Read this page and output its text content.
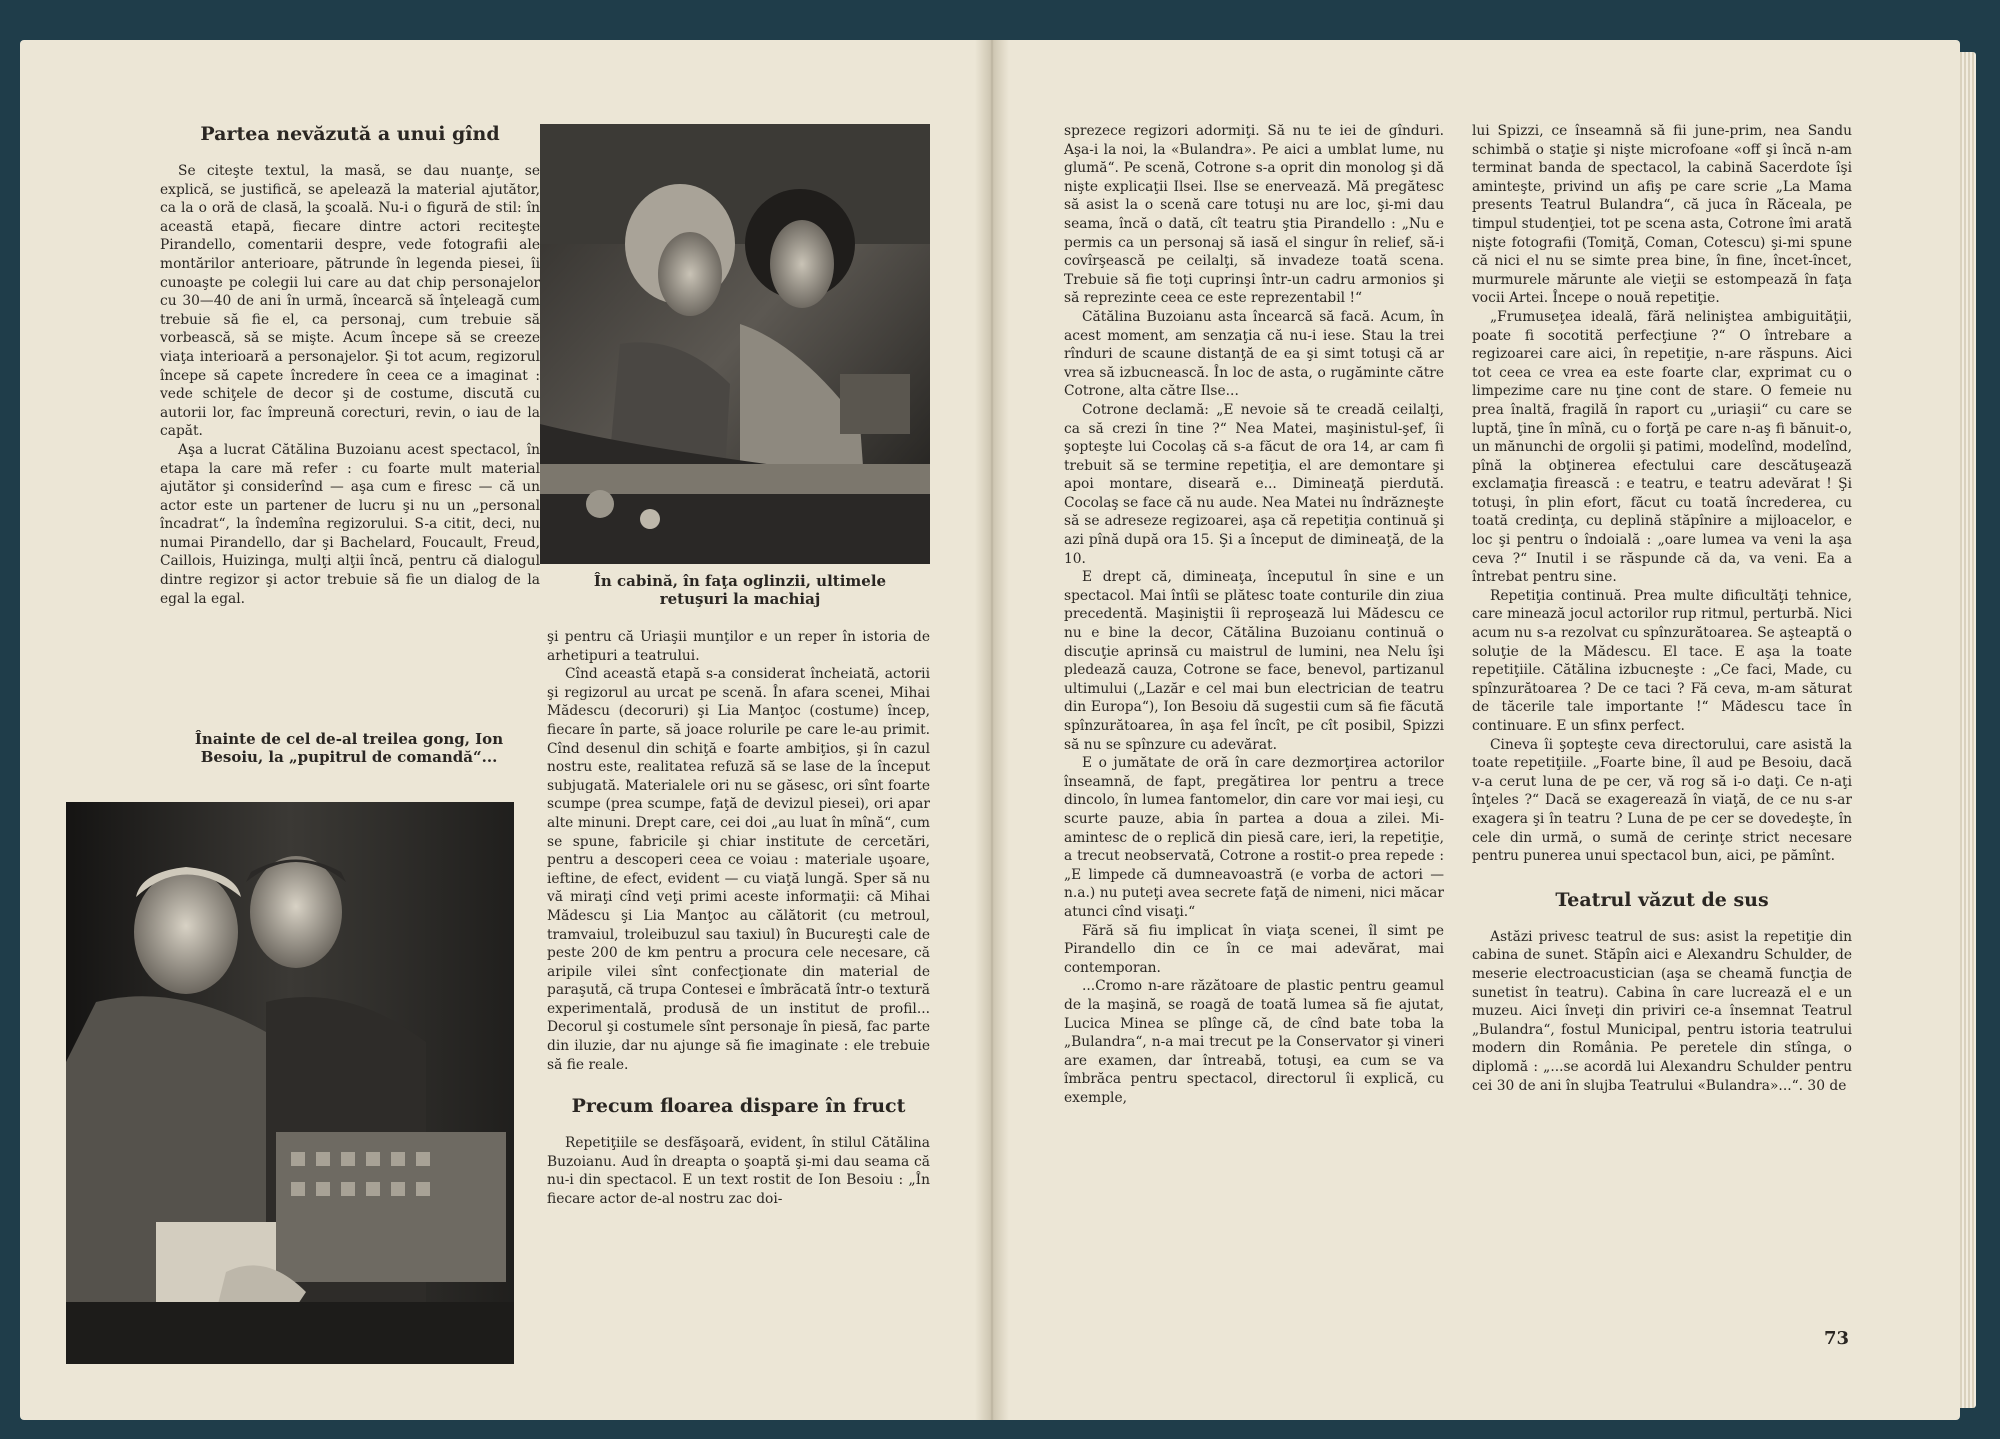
Partea nevăzută a unui gînd

Se citeşte textul, la masă, se dau nuanţe, se explică, se justifică, se apelează la material ajutător, ca la o oră de clasă, la şcoală. Nu-i o figură de stil: în această etapă, fiecare dintre actori reciteşte Pirandello, comentarii despre, vede fotografii ale montărilor anterioare, pătrunde în legenda piesei, îi cunoaşte pe colegii lui care au dat chip personajelor cu 30—40 de ani în urmă, încearcă să înţeleagă cum trebuie să fie el, ca personaj, cum trebuie să vorbească, să se mişte. Acum începe să se creeze viaţa interioară a personajelor. Şi tot acum, regizorul începe să capete încredere în ceea ce a imaginat : vede schiţele de decor şi de costume, discută cu autorii lor, fac împreună corecturi, revin, o iau de la capăt.

Aşa a lucrat Cătălina Buzoianu acest spectacol, în etapa la care mă refer : cu foarte mult material ajutător şi considerînd — aşa cum e firesc — că un actor este un partener de lucru şi nu un „personal încadrat“, la îndemîna regizorului. S-a citit, deci, nu numai Pirandello, dar şi Bachelard, Foucault, Freud, Caillois, Huizinga, mulţi alţii încă, pentru că dialogul dintre regizor şi actor trebuie să fie un dialog de la egal la egal.

Înainte de cel de-al treilea gong, Ion Besoiu, la „pupitrul de comandă“...
În cabină, în faţa oglinzii, ultimele retuşuri la machiaj

şi pentru că Uriaşii munţilor e un reper în istoria de arhetipuri a teatrului.

Cînd această etapă s-a considerat încheiată, actorii şi regizorul au urcat pe scenă. În afara scenei, Mihai Mădescu (decoruri) şi Lia Manţoc (costume) încep, fiecare în parte, să joace rolurile pe care le-au primit. Cînd desenul din schiţă e foarte ambiţios, şi în cazul nostru este, realitatea refuză să se lase de la început subjugată. Materialele ori nu se găsesc, ori sînt foarte scumpe (prea scumpe, faţă de devizul piesei), ori apar alte minuni. Drept care, cei doi „au luat în mînă“, cum se spune, fabricile şi chiar institute de cercetări, pentru a descoperi ceea ce voiau : materiale uşoare, ieftine, de efect, evident — cu viaţă lungă. Sper să nu vă miraţi cînd veţi primi aceste informaţii: că Mihai Mădescu şi Lia Manţoc au călătorit (cu metroul, tramvaiul, troleibuzul sau taxiul) în Bucureşti cale de peste 200 de km pentru a procura cele necesare, că aripile vilei sînt confecţionate din material de paraşută, că trupa Contesei e îmbrăcată într-o textură experimentală, produsă de un institut de profil... Decorul şi costumele sînt personaje în piesă, fac parte din iluzie, dar nu ajunge să fie imaginate : ele trebuie să fie reale.

Precum floarea dispare în fruct

Repetiţiile se desfăşoară, evident, în stilul Cătălina Buzoianu. Aud în dreapta o şoaptă şi-mi dau seama că nu-i din spectacol. E un text rostit de Ion Besoiu : „În fiecare actor de-al nostru zac doi-

sprezece regizori adormiţi. Să nu te iei de gînduri. Aşa-i la noi, la «Bulandra». Pe aici a umblat lume, nu glumă“. Pe scenă, Cotrone s-a oprit din monolog şi dă nişte explicaţii Ilsei. Ilse se enervează. Mă pregătesc să asist la o scenă care totuşi nu are loc, şi-mi dau seama, încă o dată, cît teatru ştia Pirandello : „Nu e permis ca un personaj să iasă el singur în relief, să-i covîrşească pe ceilalţi, să invadeze toată scena. Trebuie să fie toţi cuprinşi într-un cadru armonios şi să reprezinte ceea ce este reprezentabil !“

Cătălina Buzoianu asta încearcă să facă. Acum, în acest moment, am senzaţia că nu-i iese. Stau la trei rînduri de scaune distanţă de ea şi simt totuşi că ar vrea să izbucnească. În loc de asta, o rugăminte către Cotrone, alta către Ilse...

Cotrone declamă: „E nevoie să te creadă ceilalţi, ca să crezi în tine ?“ Nea Matei, maşinistul-şef, îi şopteşte lui Cocolaş că s-a făcut de ora 14, ar cam fi trebuit să se termine repetiţia, el are demontare şi apoi montare, diseară e... Dimineaţă pierdută. Cocolaş se face că nu aude. Nea Matei nu îndrăzneşte să se adreseze regizoarei, aşa că repetiţia continuă şi azi pînă după ora 15. Şi a început de dimineaţă, de la 10.

E drept că, dimineaţa, începutul în sine e un spectacol. Mai întîi se plătesc toate conturile din ziua precedentă. Maşiniştii îi reproşează lui Mădescu ce nu e bine la decor, Cătălina Buzoianu continuă o discuţie aprinsă cu maistrul de lumini, nea Nelu îşi pledează cauza, Cotrone se face, benevol, partizanul ultimului („Lazăr e cel mai bun electrician de teatru din Europa“), Ion Besoiu dă sugestii cum să fie făcută spînzurătoarea, în aşa fel încît, pe cît posibil, Spizzi să nu se spînzure cu adevărat.

E o jumătate de oră în care dezmorţirea actorilor înseamnă, de fapt, pregătirea lor pentru a trece dincolo, în lumea fantomelor, din care vor mai ieşi, cu scurte pauze, abia în partea a doua a zilei. Mi-amintesc de o replică din piesă care, ieri, la repetiţie, a trecut neobservată, Cotrone a rostit-o prea repede : „E limpede că dumneavoastră (e vorba de actori — n.a.) nu puteţi avea secrete faţă de nimeni, nici măcar atunci cînd visaţi.“

Fără să fiu implicat în viaţa scenei, îl simt pe Pirandello din ce în ce mai adevărat, mai contemporan.

...Cromo n-are răzătoare de plastic pentru geamul de la maşină, se roagă de toată lumea să fie ajutat, Lucica Minea se plînge că, de cînd bate toba la „Bulandra“, n-a mai trecut pe la Conservator şi vineri are examen, dar întreabă, totuşi, ea cum se va îmbrăca pentru spectacol, directorul îi explică, cu exemple,

lui Spizzi, ce înseamnă să fii june-prim, nea Sandu schimbă o staţie şi nişte microfoane «off şi încă n-am terminat banda de spectacol, la cabină Sacerdote îşi aminteşte, privind un afiş pe care scrie „La Mama presents Teatrul Bulandra“, că juca în Răceala, pe timpul studenţiei, tot pe scena asta, Cotrone îmi arată nişte fotografii (Tomiţă, Coman, Cotescu) şi-mi spune că nici el nu se simte prea bine, în fine, încet-încet, murmurele mărunte ale vieţii se estompează în faţa vocii Artei. Începe o nouă repetiţie.

„Frumuseţea ideală, fără neliniştea ambiguităţii, poate fi socotită perfecţiune ?“ O întrebare a regizoarei care aici, în repetiţie, n-are răspuns. Aici tot ceea ce vrea ea este foarte clar, exprimat cu o limpezime care nu ţine cont de stare. O femeie nu prea înaltă, fragilă în raport cu „uriaşii“ cu care se luptă, ţine în mînă, cu o forţă pe care n-aş fi bănuit-o, un mănunchi de orgolii şi patimi, modelînd, modelînd, pînă la obţinerea efectului care descătuşează exclamaţia firească : e teatru, e teatru adevărat ! Şi totuşi, în plin efort, făcut cu toată încrederea, cu toată credinţa, cu deplină stăpînire a mijloacelor, e loc şi pentru o îndoială : „oare lumea va veni la aşa ceva ?“ Inutil i se răspunde că da, va veni. Ea a întrebat pentru sine.

Repetiţia continuă. Prea multe dificultăţi tehnice, care minează jocul actorilor rup ritmul, perturbă. Nici acum nu s-a rezolvat cu spînzurătoarea. Se aşteaptă o soluţie de la Mădescu. El tace. E aşa la toate repetiţiile. Cătălina izbucneşte : „Ce faci, Made, cu spînzurătoarea ? De ce taci ? Fă ceva, m-am săturat de tăcerile tale importante !“ Mădescu tace în continuare. E un sfinx perfect.

Cineva îi şopteşte ceva directorului, care asistă la toate repetiţiile. „Foarte bine, îl aud pe Besoiu, dacă v-a cerut luna de pe cer, vă rog să i-o daţi. Ce n-aţi înţeles ?“ Dacă se exagerează în viaţă, de ce nu s-ar exagera şi în teatru ? Luna de pe cer se dovedeşte, în cele din urmă, o sumă de cerinţe strict necesare pentru punerea unui spectacol bun, aici, pe pămînt.

Teatrul văzut de sus

Astăzi privesc teatrul de sus: asist la repetiţie din cabina de sunet. Stăpîn aici e Alexandru Schulder, de meserie electroacustician (aşa se cheamă funcţia de sunetist în teatru). Cabina în care lucrează el e un muzeu. Aici înveţi din priviri ce-a însemnat Teatrul „Bulandra“, fostul Municipal, pentru istoria teatrului modern din România. Pe peretele din stînga, o diplomă : „...se acordă lui Alexandru Schulder pentru cei 30 de ani în slujba Teatrului «Bulandra»...“. 30 de

73
